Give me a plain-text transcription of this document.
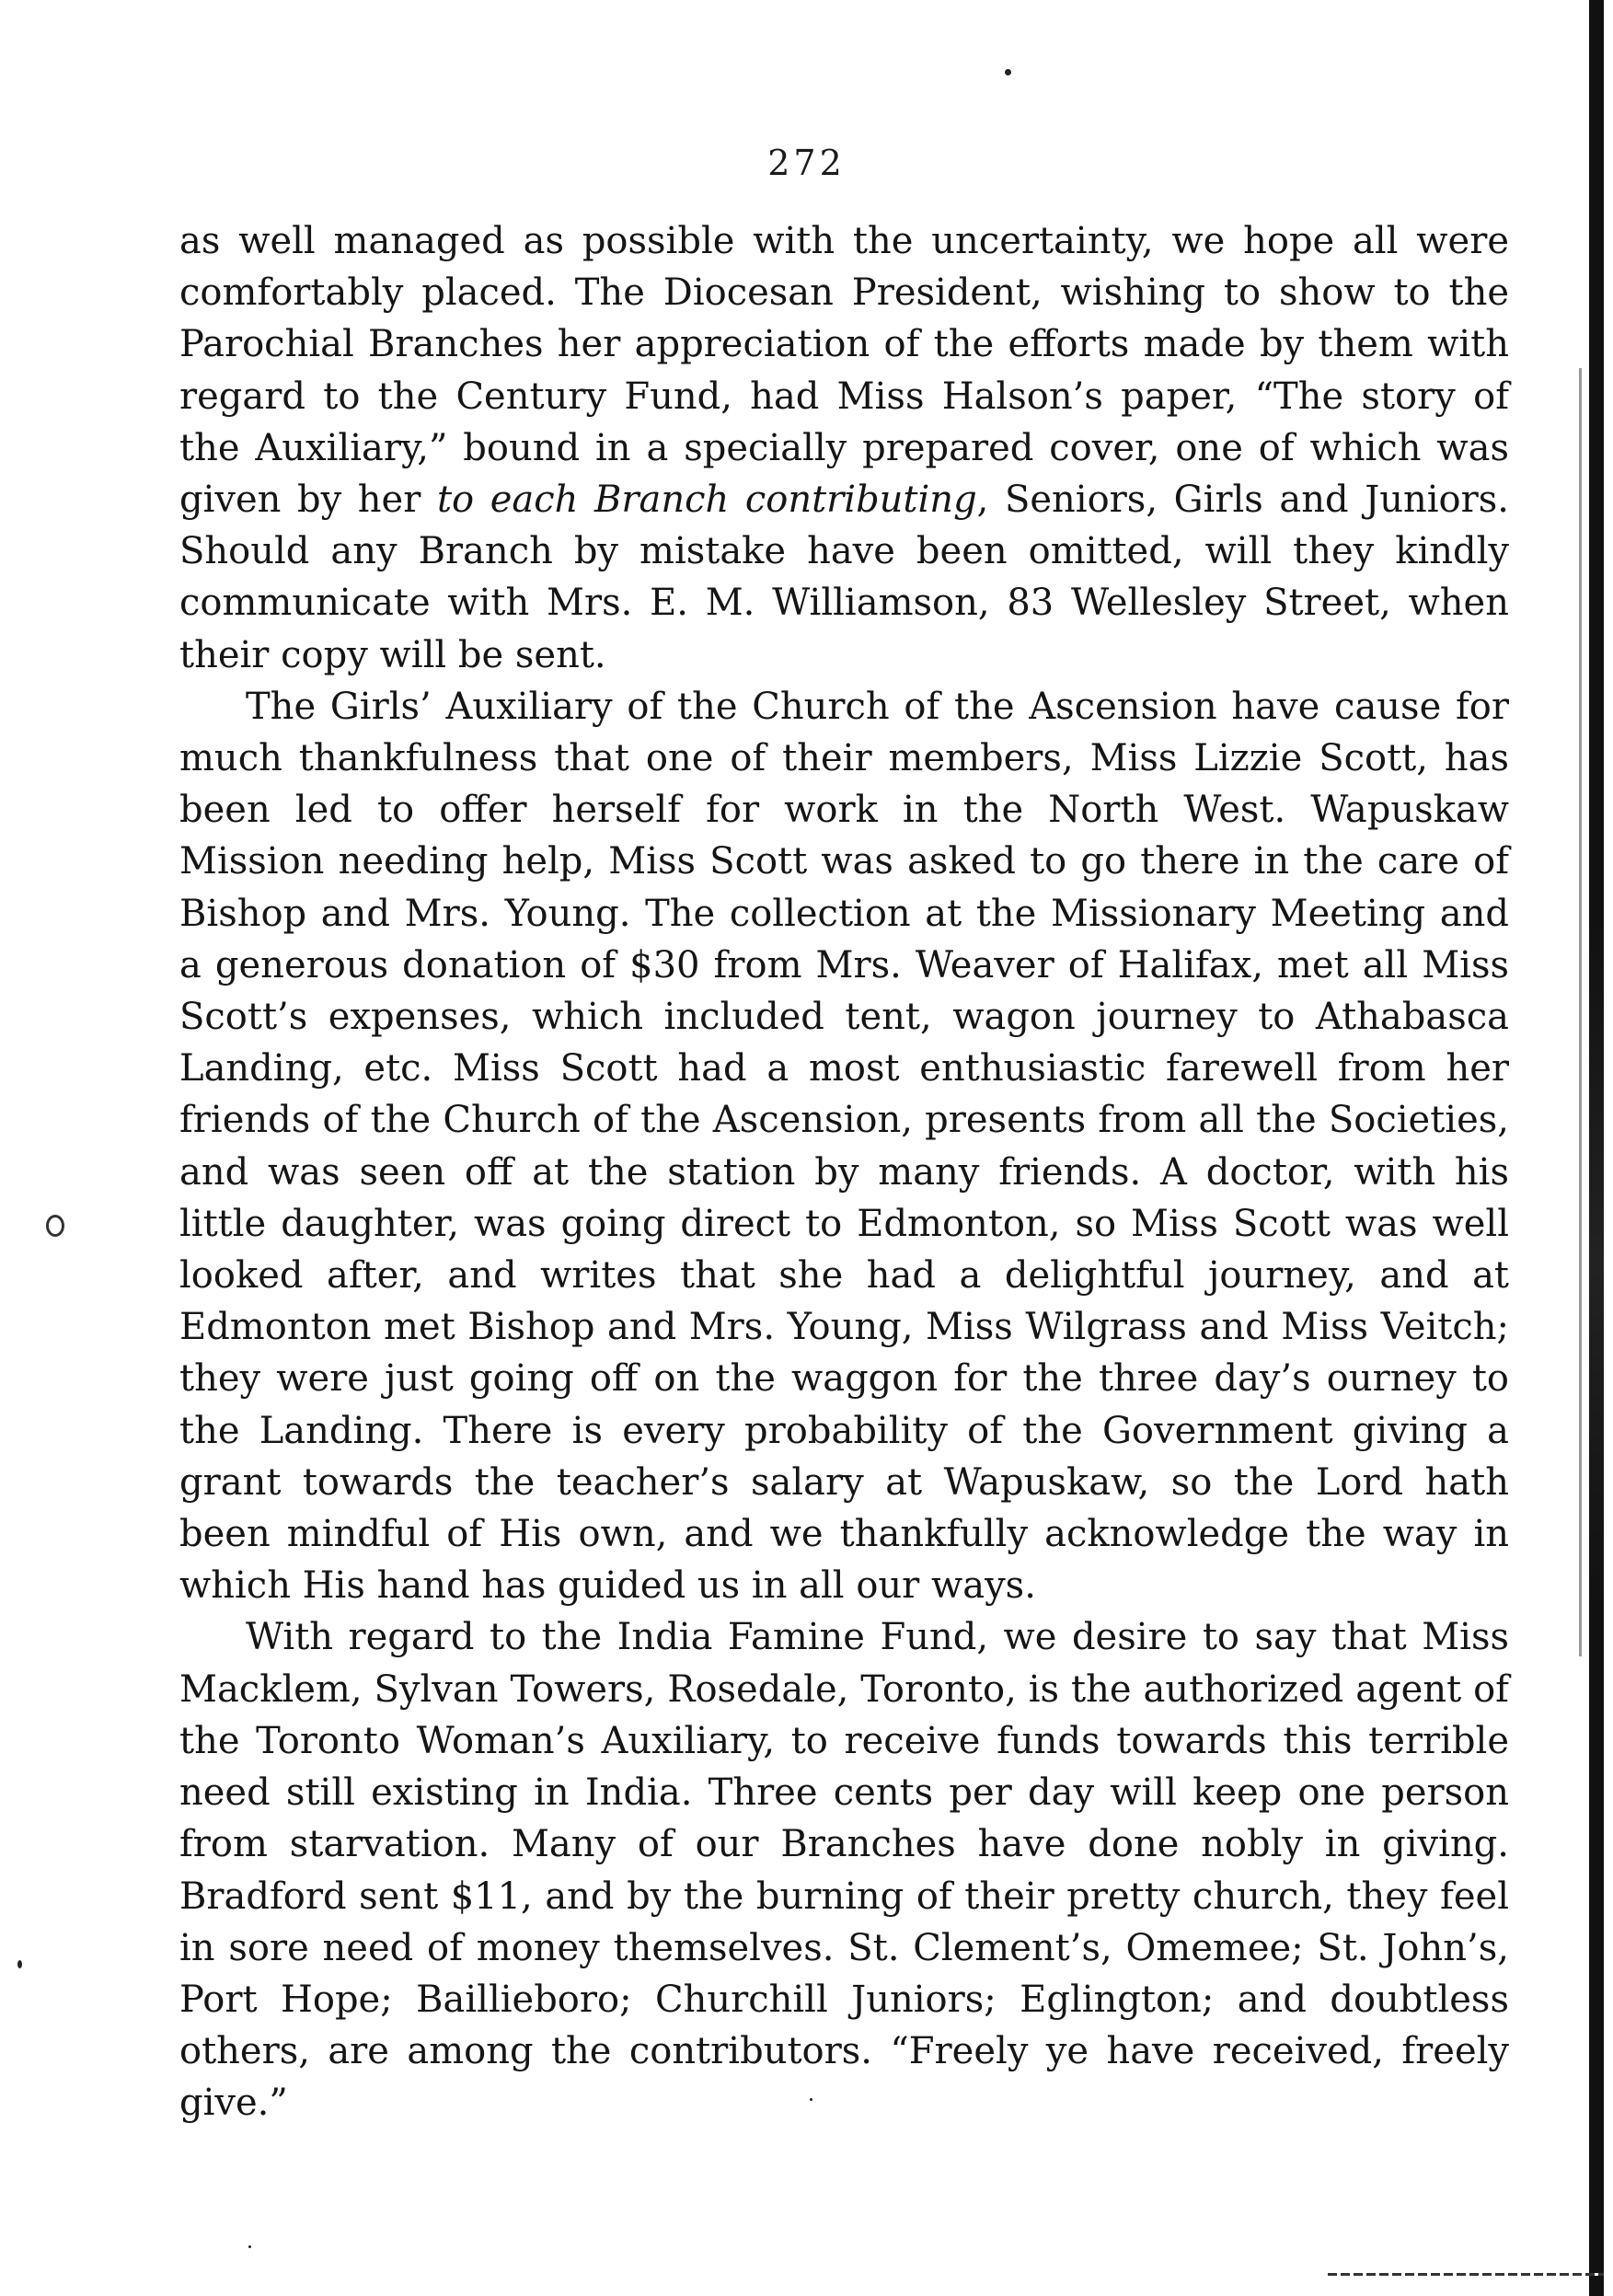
272

as well managed as possible with the uncertainty, we hope all were comfortably placed. The Diocesan President, wishing to show to the Parochial Branches her appreciation of the efforts made by them with regard to the Century Fund, had Miss Halson’s paper, “The story of the Auxiliary,” bound in a specially prepared cover, one of which was given by her to each Branch contributing, Seniors, Girls and Juniors. Should any Branch by mistake have been omitted, will they kindly communicate with Mrs. E. M. Williamson, 83 Wellesley Street, when their copy will be sent.

The Girls’ Auxiliary of the Church of the Ascension have cause for much thankfulness that one of their members, Miss Lizzie Scott, has been led to offer herself for work in the North West. Wapuskaw Mission needing help, Miss Scott was asked to go there in the care of Bishop and Mrs. Young. The collection at the Missionary Meeting and a generous donation of $30 from Mrs. Weaver of Halifax, met all Miss Scott’s expenses, which included tent, wagon journey to Athabasca Landing, etc. Miss Scott had a most enthusiastic farewell from her friends of the Church of the Ascension, presents from all the Societies, and was seen off at the station by many friends. A doctor, with his little daughter, was going direct to Edmonton, so Miss Scott was well looked after, and writes that she had a delightful journey, and at Edmonton met Bishop and Mrs. Young, Miss Wilgrass and Miss Veitch; they were just going off on the waggon for the three day’s ourney to the Landing. There is every probability of the Government giving a grant towards the teacher’s salary at Wapuskaw, so the Lord hath been mindful of His own, and we thankfully acknowledge the way in which His hand has guided us in all our ways.

With regard to the India Famine Fund, we desire to say that Miss Macklem, Sylvan Towers, Rosedale, Toronto, is the authorized agent of the Toronto Woman’s Auxiliary, to receive funds towards this terrible need still existing in India. Three cents per day will keep one person from starvation. Many of our Branches have done nobly in giving. Bradford sent $11, and by the burning of their pretty church, they feel in sore need of money themselves. St. Clement’s, Omemee; St. John’s, Port Hope; Baillieboro; Churchill Juniors; Eglington; and doubtless others, are among the contributors. “Freely ye have received, freely give.”
